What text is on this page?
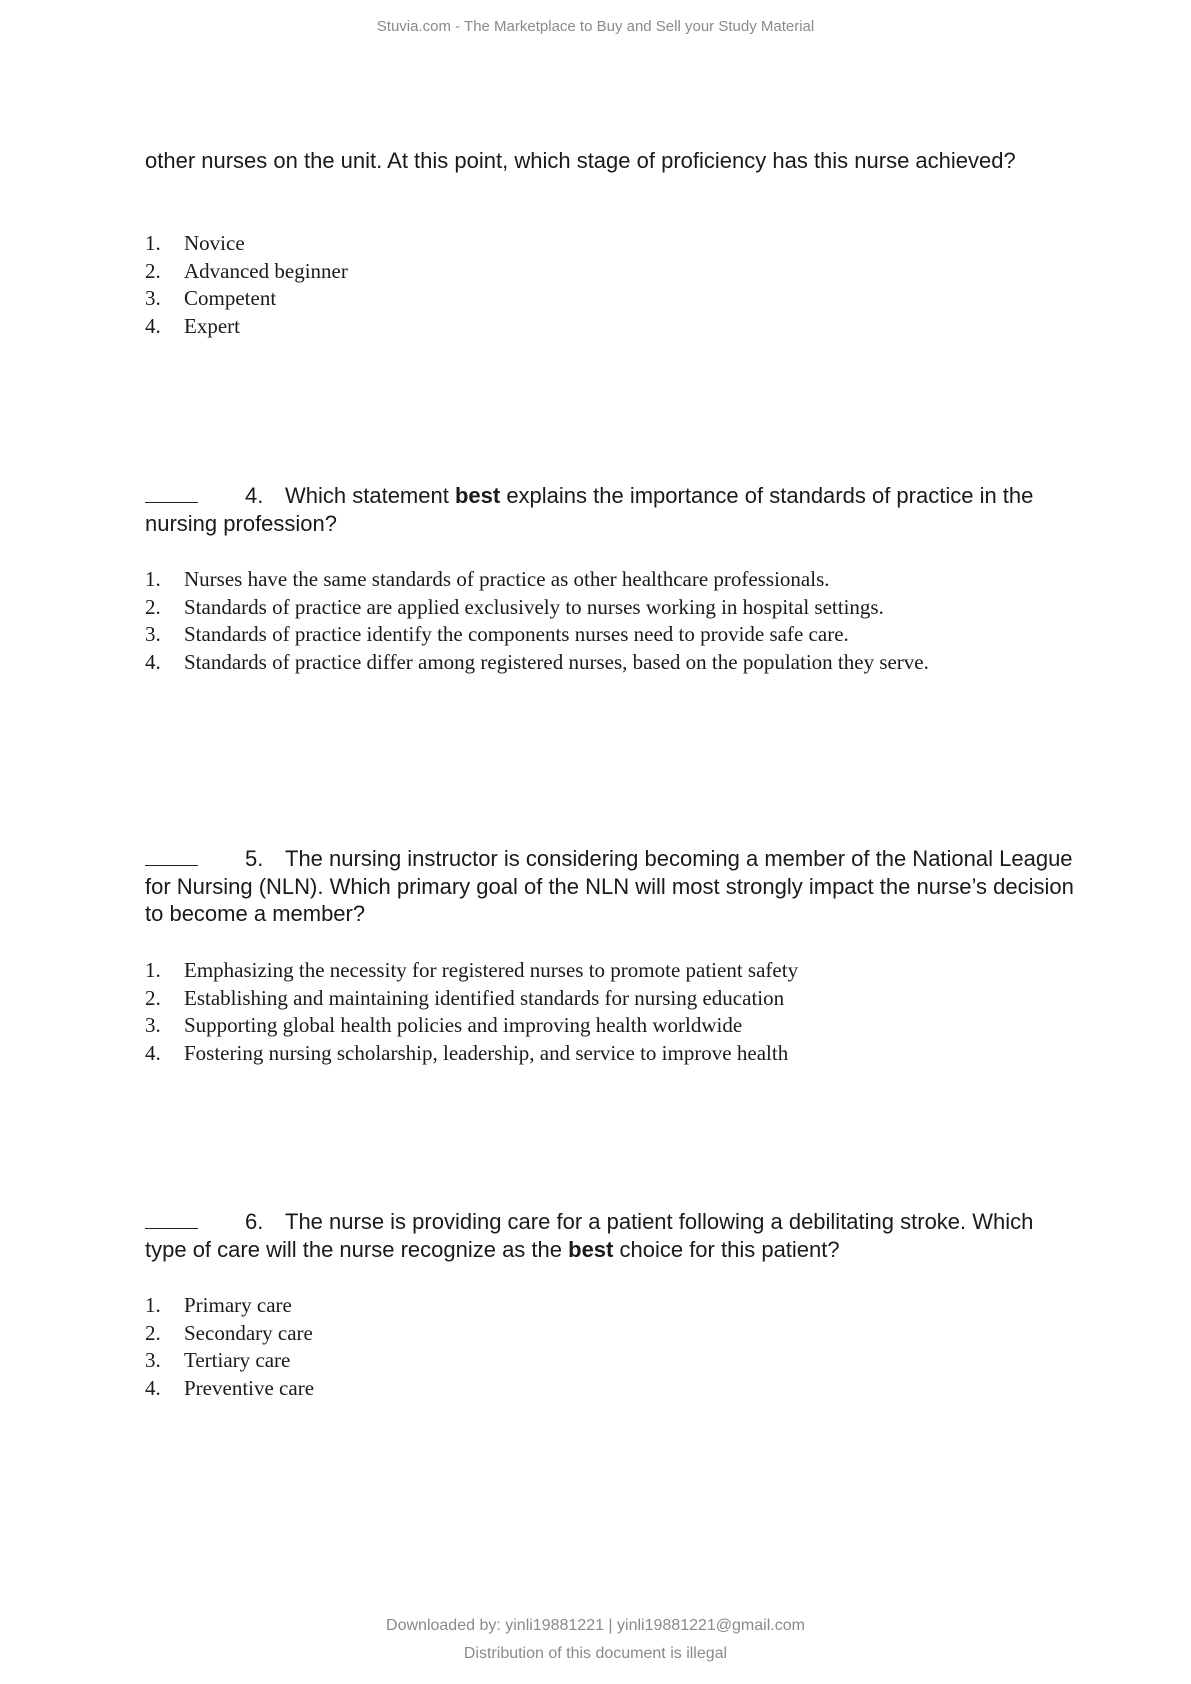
Stuvia.com - The Marketplace to Buy and Sell your Study Material
other nurses on the unit. At this point, which stage of proficiency has this nurse achieved?
1.	Novice
2.	Advanced beginner
3.	Competent
4.	Expert
4. Which statement best explains the importance of standards of practice in the nursing profession?
1.	Nurses have the same standards of practice as other healthcare professionals.
2.	Standards of practice are applied exclusively to nurses working in hospital settings.
3.	Standards of practice identify the components nurses need to provide safe care.
4.	Standards of practice differ among registered nurses, based on the population they serve.
5. The nursing instructor is considering becoming a member of the National League for Nursing (NLN). Which primary goal of the NLN will most strongly impact the nurse’s decision to become a member?
1.	Emphasizing the necessity for registered nurses to promote patient safety
2.	Establishing and maintaining identified standards for nursing education
3.	Supporting global health policies and improving health worldwide
4.	Fostering nursing scholarship, leadership, and service to improve health
6. The nurse is providing care for a patient following a debilitating stroke. Which type of care will the nurse recognize as the best choice for this patient?
1.	Primary care
2.	Secondary care
3.	Tertiary care
4.	Preventive care
Downloaded by: yinli19881221 | yinli19881221@gmail.com
Distribution of this document is illegal
